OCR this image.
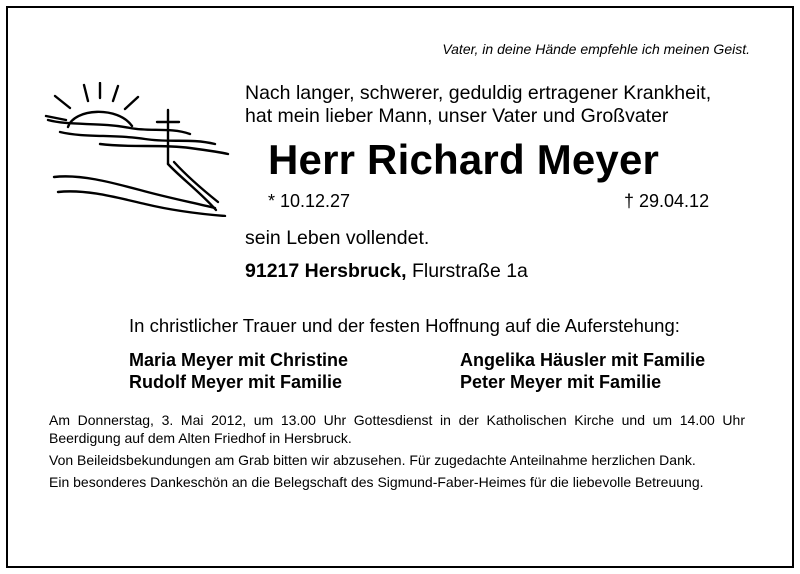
Vater, in deine Hände empfehle ich meinen Geist.
Nach langer, schwerer, geduldig ertragener Krankheit,
hat mein lieber Mann, unser Vater und Großvater
Herr Richard Meyer
* 10.12.27	† 29.04.12
sein Leben vollendet.
91217 Hersbruck, Flurstraße 1a
In christlicher Trauer und der festen Hoffnung auf die Auferstehung:
Maria Meyer mit Christine
Rudolf Meyer mit Familie
Angelika Häusler mit Familie
Peter Meyer mit Familie

Am Donnerstag, 3. Mai 2012, um 13.00 Uhr Gottesdienst in der Katholischen Kirche und um 14.00 Uhr Beerdigung auf dem Alten Friedhof in Hersbruck.

Von Beileidsbekundungen am Grab bitten wir abzusehen. Für zugedachte Anteilnahme herzlichen Dank.

Ein besonderes Dankeschön an die Belegschaft des Sigmund-Faber-Heimes für die liebevolle Betreuung.
